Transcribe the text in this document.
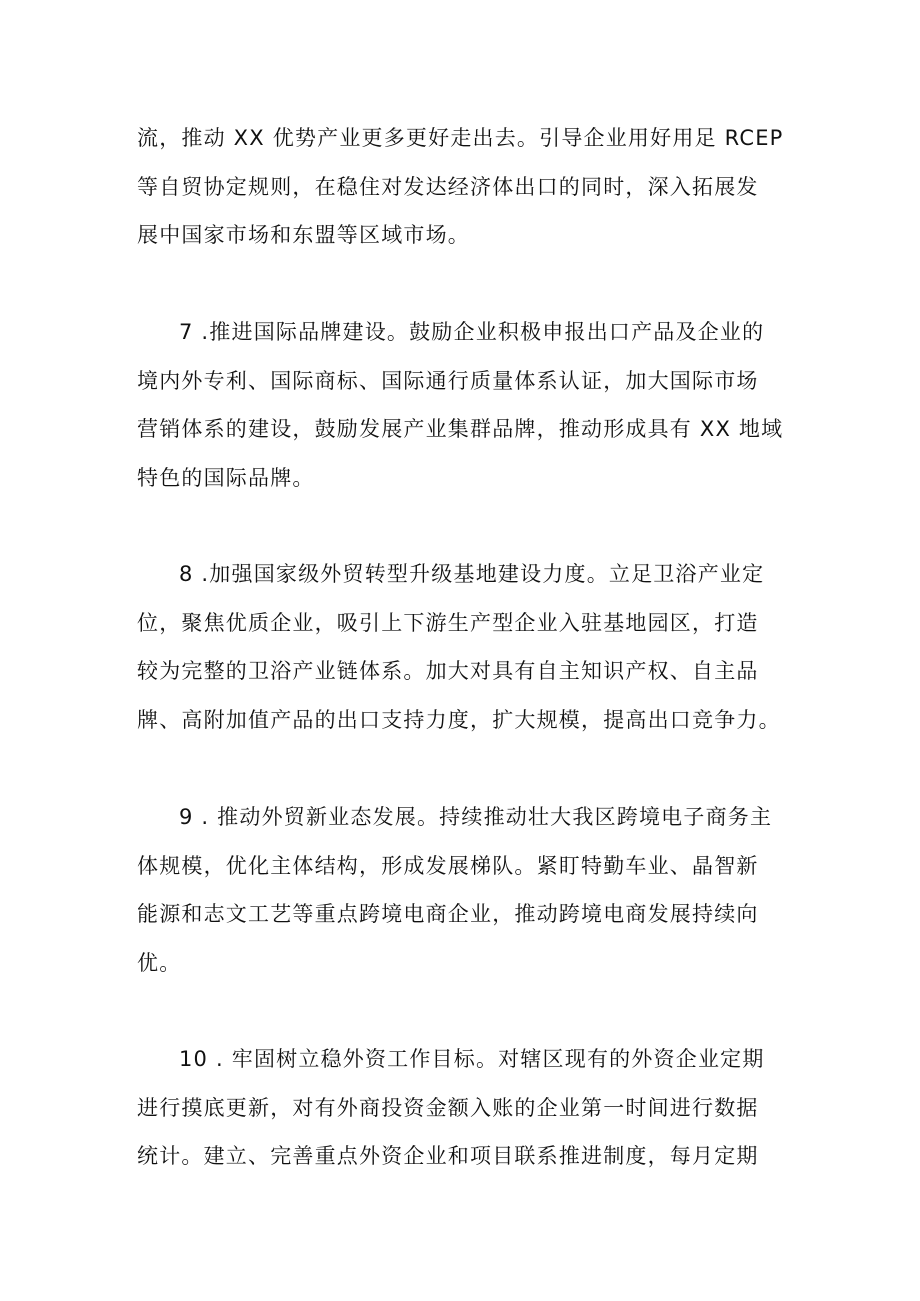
流，推动 XX 优势产业更多更好走出去。引导企业用好用足 RCEP
等自贸协定规则，在稳住对发达经济体出口的同时，深入拓展发
展中国家市场和东盟等区域市场。
7 .推进国际品牌建设。鼓励企业积极申报出口产品及企业的
境内外专利、国际商标、国际通行质量体系认证，加大国际市场
营销体系的建设，鼓励发展产业集群品牌，推动形成具有 XX 地域
特色的国际品牌。
8 .加强国家级外贸转型升级基地建设力度。立足卫浴产业定
位，聚焦优质企业，吸引上下游生产型企业入驻基地园区，打造
较为完整的卫浴产业链体系。加大对具有自主知识产权、自主品
牌、高附加值产品的出口支持力度，扩大规模，提高出口竞争力。
9 . 推动外贸新业态发展。持续推动壮大我区跨境电子商务主
体规模，优化主体结构，形成发展梯队。紧盯特勤车业、晶智新
能源和志文工艺等重点跨境电商企业，推动跨境电商发展持续向
优。
10 . 牢固树立稳外资工作目标。对辖区现有的外资企业定期
进行摸底更新，对有外商投资金额入账的企业第一时间进行数据
统计。建立、完善重点外资企业和项目联系推进制度，每月定期
